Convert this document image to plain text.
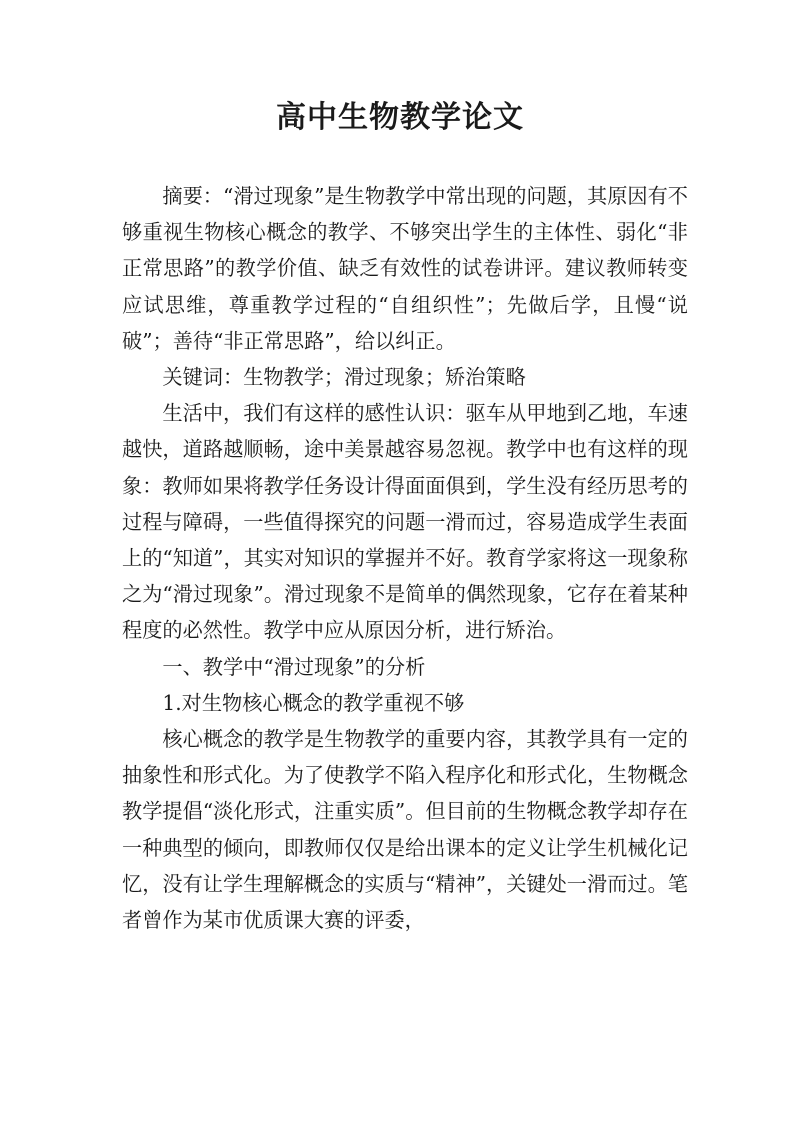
高中生物教学论文

摘要：“滑过现象”是生物教学中常出现的问题，其原因有不够重视生物核心概念的教学、不够突出学生的主体性、弱化“非正常思路”的教学价值、缺乏有效性的试卷讲评。建议教师转变应试思维，尊重教学过程的“自组织性”；先做后学，且慢“说破”；善待“非正常思路”，给以纠正。

关键词：生物教学；滑过现象；矫治策略

生活中，我们有这样的感性认识：驱车从甲地到乙地，车速越快，道路越顺畅，途中美景越容易忽视。教学中也有这样的现象：教师如果将教学任务设计得面面俱到，学生没有经历思考的过程与障碍，一些值得探究的问题一滑而过，容易造成学生表面上的“知道”，其实对知识的掌握并不好。教育学家将这一现象称之为“滑过现象”。滑过现象不是简单的偶然现象，它存在着某种程度的必然性。教学中应从原因分析，进行矫治。

一、教学中“滑过现象”的分析

1.对生物核心概念的教学重视不够

核心概念的教学是生物教学的重要内容，其教学具有一定的抽象性和形式化。为了使教学不陷入程序化和形式化，生物概念教学提倡“淡化形式，注重实质”。但目前的生物概念教学却存在一种典型的倾向，即教师仅仅是给出课本的定义让学生机械化记忆，没有让学生理解概念的实质与“精神”，关键处一滑而过。笔者曾作为某市优质课大赛的评委，
